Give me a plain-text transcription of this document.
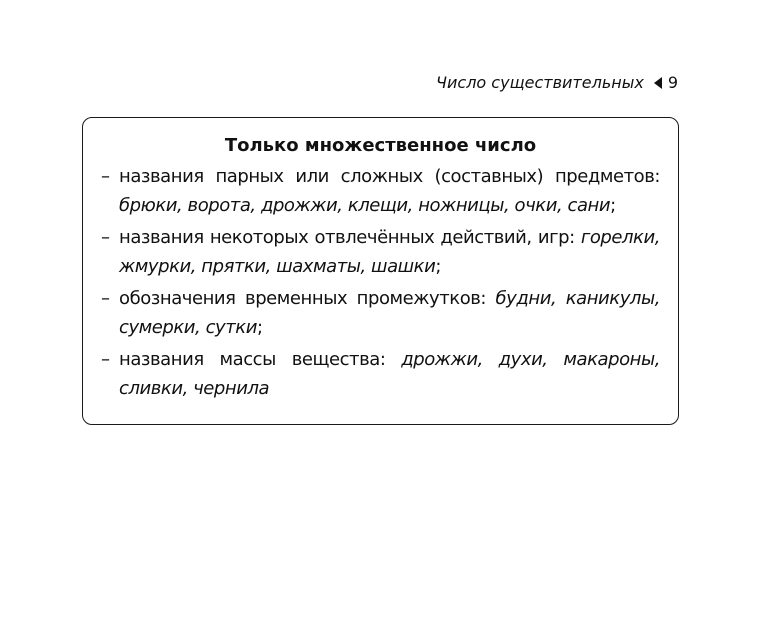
Число существительных 9
Только множественное число
– названия парных или сложных (составных) предметов: брюки, ворота, дрожжи, клещи, ножницы, очки, сани;
– названия некоторых отвлечённых действий, игр: горелки, жмурки, прятки, шахматы, шашки;
– обозначения временных промежутков: будни, каникулы, сумерки, сутки;
– названия массы вещества: дрожжи, духи, макароны, сливки, чернила
